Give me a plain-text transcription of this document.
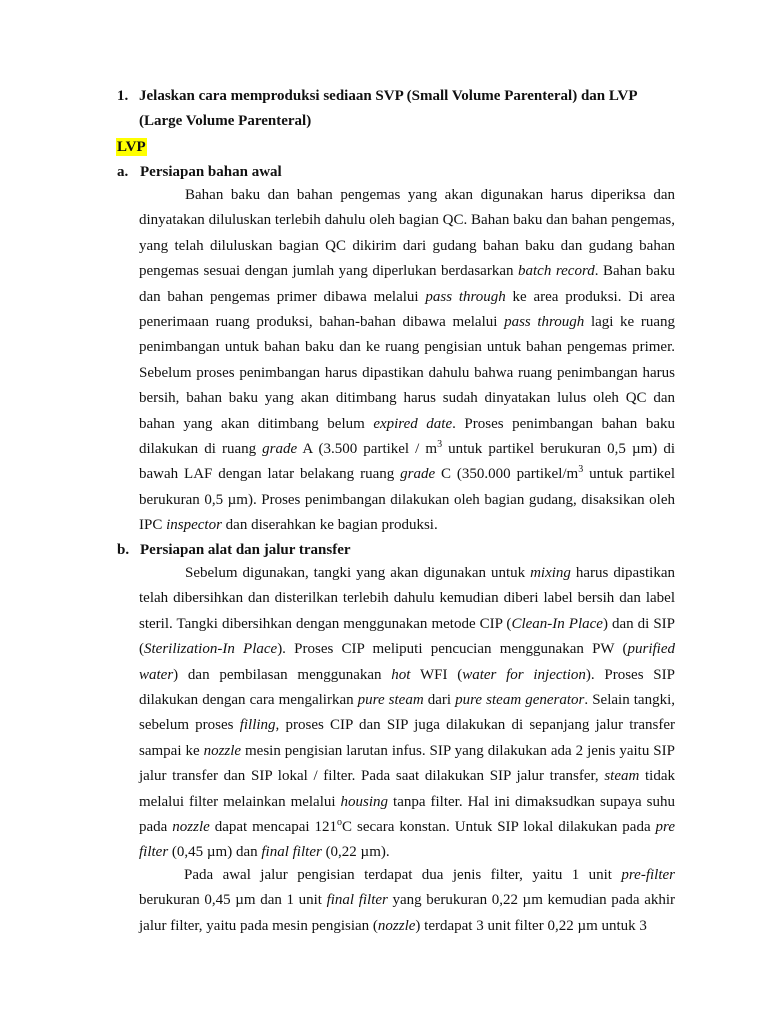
1. Jelaskan cara memproduksi sediaan SVP (Small Volume Parenteral) dan LVP (Large Volume Parenteral)
LVP
a. Persiapan bahan awal

Bahan baku dan bahan pengemas yang akan digunakan harus diperiksa dan dinyatakan diluluskan terlebih dahulu oleh bagian QC. Bahan baku dan bahan pengemas, yang telah diluluskan bagian QC dikirim dari gudang bahan baku dan gudang bahan pengemas sesuai dengan jumlah yang diperlukan berdasarkan batch record. Bahan baku dan bahan pengemas primer dibawa melalui pass through ke area produksi. Di area penerimaan ruang produksi, bahan-bahan dibawa melalui pass through lagi ke ruang penimbangan untuk bahan baku dan ke ruang pengisian untuk bahan pengemas primer. Sebelum proses penimbangan harus dipastikan dahulu bahwa ruang penimbangan harus bersih, bahan baku yang akan ditimbang harus sudah dinyatakan lulus oleh QC dan bahan yang akan ditimbang belum expired date. Proses penimbangan bahan baku dilakukan di ruang grade A (3.500 partikel / $m^3$ untuk partikel berukuran 0,5 µm) di bawah LAF dengan latar belakang ruang grade C (350.000 partikel/$m^3$ untuk partikel berukuran 0,5 µm). Proses penimbangan dilakukan oleh bagian gudang, disaksikan oleh IPC inspector dan diserahkan ke bagian produksi.

b. Persiapan alat dan jalur transfer

Sebelum digunakan, tangki yang akan digunakan untuk mixing harus dipastikan telah dibersihkan dan disterilkan terlebih dahulu kemudian diberi label bersih dan label steril. Tangki dibersihkan dengan menggunakan metode CIP (Clean-In Place) dan di SIP (Sterilization-In Place). Proses CIP meliputi pencucian menggunakan PW (purified water) dan pembilasan menggunakan hot WFI (water for injection). Proses SIP dilakukan dengan cara mengalirkan pure steam dari pure steam generator. Selain tangki, sebelum proses filling, proses CIP dan SIP juga dilakukan di sepanjang jalur transfer sampai ke nozzle mesin pengisian larutan infus. SIP yang dilakukan ada 2 jenis yaitu SIP jalur transfer dan SIP lokal / filter. Pada saat dilakukan SIP jalur transfer, steam tidak melalui filter melainkan melalui housing tanpa filter. Hal ini dimaksudkan supaya suhu pada nozzle dapat mencapai 121$^o$C secara konstan. Untuk SIP lokal dilakukan pada pre filter (0,45 µm) dan final filter (0,22 µm).

Pada awal jalur pengisian terdapat dua jenis filter, yaitu 1 unit pre-filter berukuran 0,45 µm dan 1 unit final filter yang berukuran 0,22 µm kemudian pada akhir jalur filter, yaitu pada mesin pengisian (nozzle) terdapat 3 unit filter 0,22 µm untuk 3
